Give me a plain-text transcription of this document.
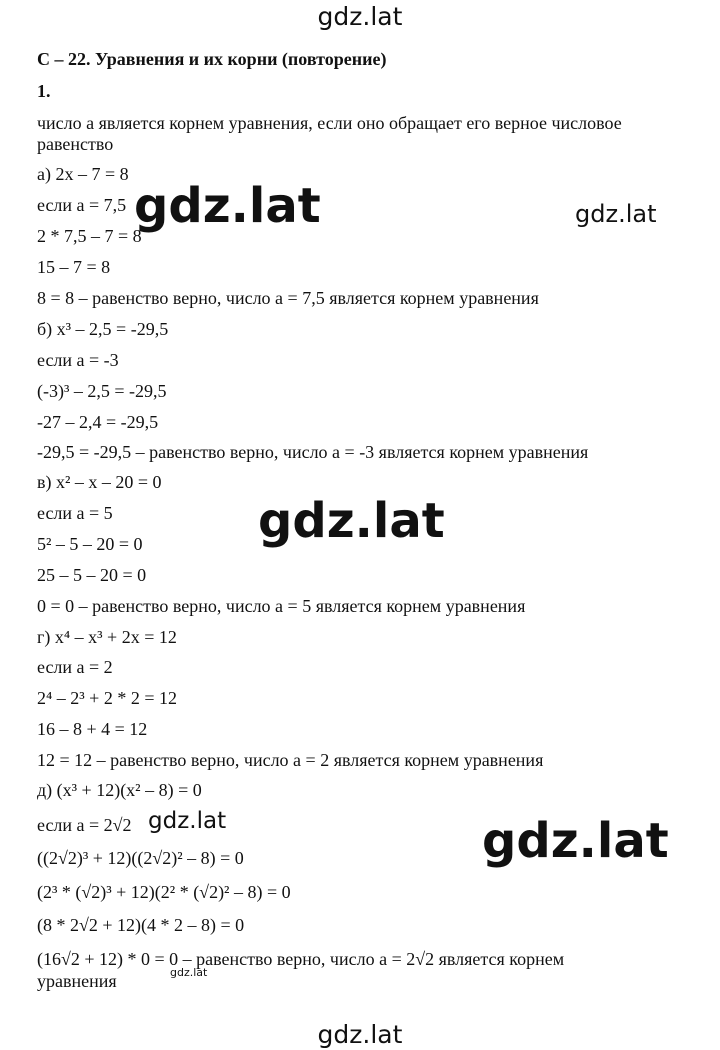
gdz.lat
gdz.lat	gdz.lat
gdz.lat
gdz.lat
gdz.lat
gdz.lat
gdz.lat
С – 22. Уравнения и их корни (повторение)
1.
число a является корнем уравнения, если оно обращает его верное числовое
равенство
а) 2x – 7 = 8
если a = 7,5
2 * 7,5 – 7 = 8
15 – 7 = 8
8 = 8 – равенство верно, число a = 7,5 является корнем уравнения
б) x³ – 2,5 = -29,5
если a = -3
(-3)³ – 2,5 = -29,5
-27 – 2,4 = -29,5
-29,5 = -29,5 – равенство верно, число a = -3 является корнем уравнения
в) x² – x – 20 = 0
если a = 5
5² – 5 – 20 = 0
25 – 5 – 20 = 0
0 = 0 – равенство верно, число a = 5 является корнем уравнения
г) x⁴ – x³ + 2x = 12
если a = 2
2⁴ – 2³ + 2 * 2 = 12
16 – 8 + 4 = 12
12 = 12 – равенство верно, число a = 2 является корнем уравнения
д) (x³ + 12)(x² – 8) = 0
если a = 2√2
((2√2)³ + 12)((2√2)² – 8) = 0
(2³ * (√2)³ + 12)(2² * (√2)² – 8) = 0
(8 * 2√2 + 12)(4 * 2 – 8) = 0
(16√2 + 12) * 0 = 0 – равенство верно, число a = 2√2 является корнем
уравнения
